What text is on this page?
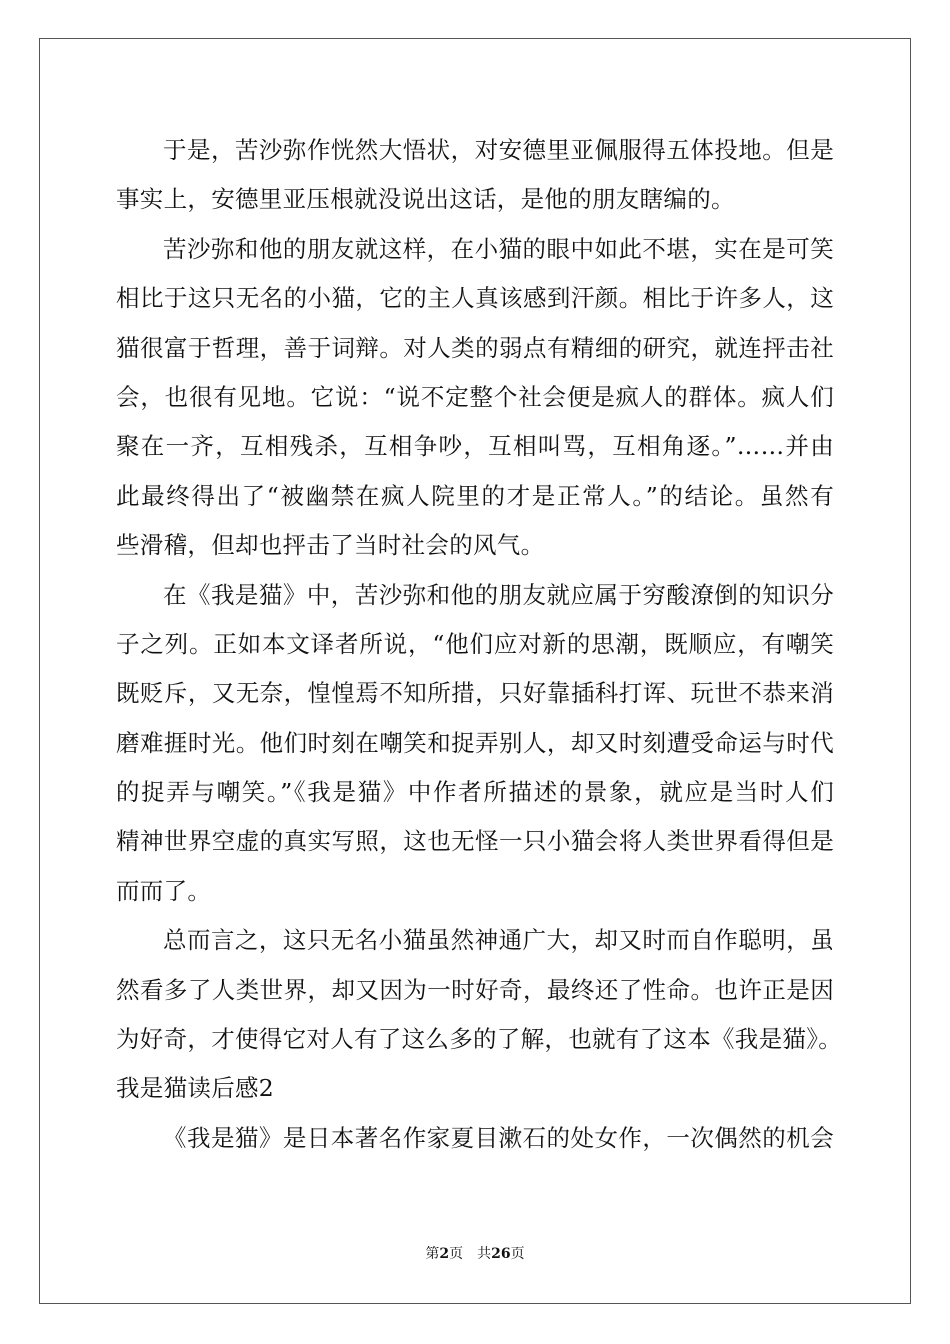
于是，苦沙弥作恍然大悟状，对安德里亚佩服得五体投地。但是
事实上，安德里亚压根就没说出这话，是他的朋友瞎编的。
苦沙弥和他的朋友就这样，在小猫的眼中如此不堪，实在是可笑
相比于这只无名的小猫，它的主人真该感到汗颜。相比于许多人，这
猫很富于哲理，善于词辩。对人类的弱点有精细的研究，就连抨击社
会，也很有见地。它说：“说不定整个社会便是疯人的群体。疯人们
聚在一齐，互相残杀，互相争吵，互相叫骂，互相角逐。”……并由
此最终得出了“被幽禁在疯人院里的才是正常人。”的结论。虽然有
些滑稽，但却也抨击了当时社会的风气。
在《我是猫》中，苦沙弥和他的朋友就应属于穷酸潦倒的知识分
子之列。正如本文译者所说，“他们应对新的思潮，既顺应，有嘲笑
既贬斥，又无奈，惶惶焉不知所措，只好靠插科打诨、玩世不恭来消
磨难捱时光。他们时刻在嘲笑和捉弄别人，却又时刻遭受命运与时代
的捉弄与嘲笑。”《我是猫》中作者所描述的景象，就应是当时人们
精神世界空虚的真实写照，这也无怪一只小猫会将人类世界看得但是
而而了。
总而言之，这只无名小猫虽然神通广大，却又时而自作聪明，虽
然看多了人类世界，却又因为一时好奇，最终还了性命。也许正是因
为好奇，才使得它对人有了这么多的了解，也就有了这本《我是猫》。
我是猫读后感2
《我是猫》是日本著名作家夏目漱石的处女作，一次偶然的机会
第2页 共26页
